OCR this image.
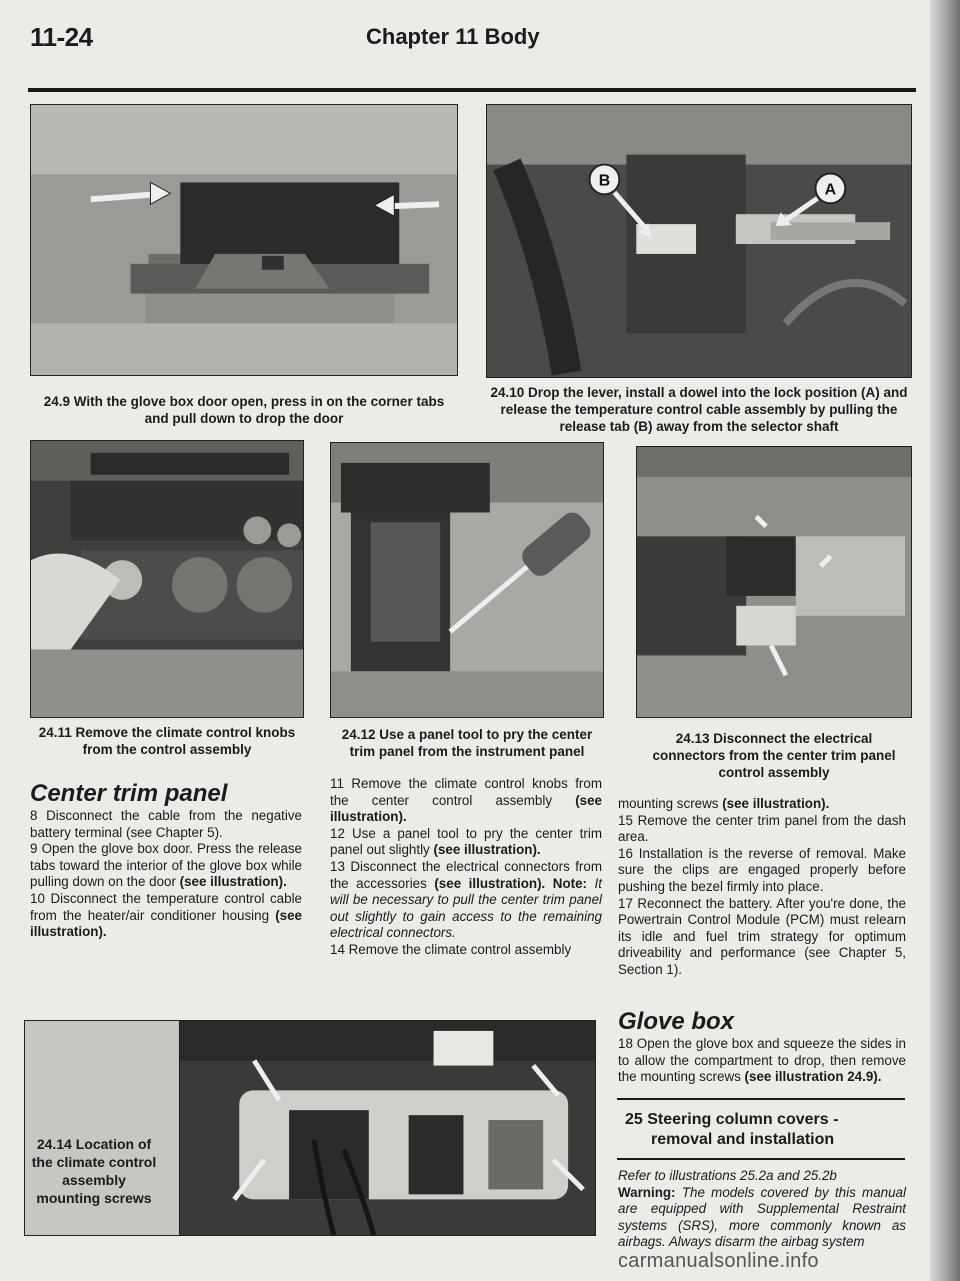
11-24	Chapter 11 Body
24.9 With the glove box door open, press in on the corner tabs
and pull down to drop the door
B
A
24.10 Drop the lever, install a dowel into the lock position (A) and
release the temperature control cable assembly by pulling the
release tab (B) away from the selector shaft
24.11 Remove the climate control knobs
from the control assembly
24.12 Use a panel tool to pry the center
trim panel from the instrument panel
24.13 Disconnect the electrical
connectors from the center trim panel
control assembly
Center trim panel

8 Disconnect the cable from the negative battery terminal (see Chapter 5).

9 Open the glove box door. Press the release tabs toward the interior of the glove box while pulling down on the door (see illustration).

10 Disconnect the temperature control cable from the heater/air conditioner housing (see illustration).

11 Remove the climate control knobs from the center control assembly (see illustration).

12 Use a panel tool to pry the center trim panel out slightly (see illustration).

13 Disconnect the electrical connectors from the accessories (see illustration). Note: It will be necessary to pull the center trim panel out slightly to gain access to the remaining electrical connectors.

14 Remove the climate control assembly

mounting screws (see illustration).

15 Remove the center trim panel from the dash area.

16 Installation is the reverse of removal. Make sure the clips are engaged properly before pushing the bezel firmly into place.

17 Reconnect the battery. After you're done, the Powertrain Control Module (PCM) must relearn its idle and fuel trim strategy for optimum driveability and performance (see Chapter 5, Section 1).

Glove box

18 Open the glove box and squeeze the sides in to allow the compartment to drop, then remove the mounting screws (see illustration 24.9).

25 Steering column covers -
removal and installation

Refer to illustrations 25.2a and 25.2b

Warning: The models covered by this manual are equipped with Supplemental Restraint systems (SRS), more commonly known as airbags. Always disarm the airbag system

24.14 Location of
the climate control
assembly
mounting screws
carmanualsonline.info
